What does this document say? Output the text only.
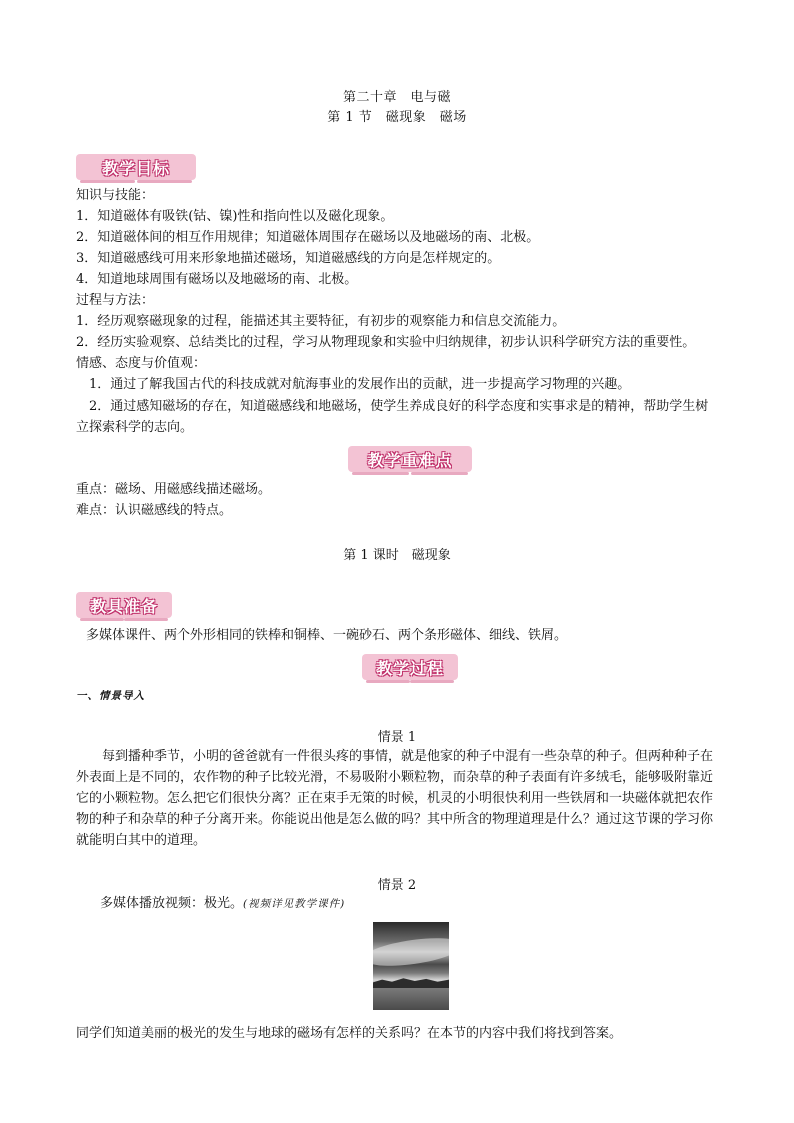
第二十章　电与磁
第 1 节　磁现象　磁场
教学目标
知识与技能：
1．知道磁体有吸铁(钴、镍)性和指向性以及磁化现象。
2．知道磁体间的相互作用规律；知道磁体周围存在磁场以及地磁场的南、北极。
3．知道磁感线可用来形象地描述磁场，知道磁感线的方向是怎样规定的。
4．知道地球周围有磁场以及地磁场的南、北极。
过程与方法：
1．经历观察磁现象的过程，能描述其主要特征，有初步的观察能力和信息交流能力。
2．经历实验观察、总结类比的过程，学习从物理现象和实验中归纳规律，初步认识科学研究方法的重要性。
情感、态度与价值观：
1．通过了解我国古代的科技成就对航海事业的发展作出的贡献，进一步提高学习物理的兴趣。
2．通过感知磁场的存在，知道磁感线和地磁场，使学生养成良好的科学态度和实事求是的精神，帮助学生树立探索科学的志向。
教学重难点
重点：磁场、用磁感线描述磁场。
难点：认识磁感线的特点。
第 1 课时　磁现象
教具准备
多媒体课件、两个外形相同的铁棒和铜棒、一碗砂石、两个条形磁体、细线、铁屑。
教学过程
一、情景导入
情景 1
每到播种季节，小明的爸爸就有一件很头疼的事情，就是他家的种子中混有一些杂草的种子。但两种种子在外表面上是不同的，农作物的种子比较光滑，不易吸附小颗粒物，而杂草的种子表面有许多绒毛，能够吸附靠近它的小颗粒物。怎么把它们很快分离？正在束手无策的时候，机灵的小明很快利用一些铁屑和一块磁体就把农作物的种子和杂草的种子分离开来。你能说出他是怎么做的吗？其中所含的物理道理是什么？通过这节课的学习你就能明白其中的道理。
情景 2
多媒体播放视频：极光。(视频详见教学课件)
同学们知道美丽的极光的发生与地球的磁场有怎样的关系吗？在本节的内容中我们将找到答案。
